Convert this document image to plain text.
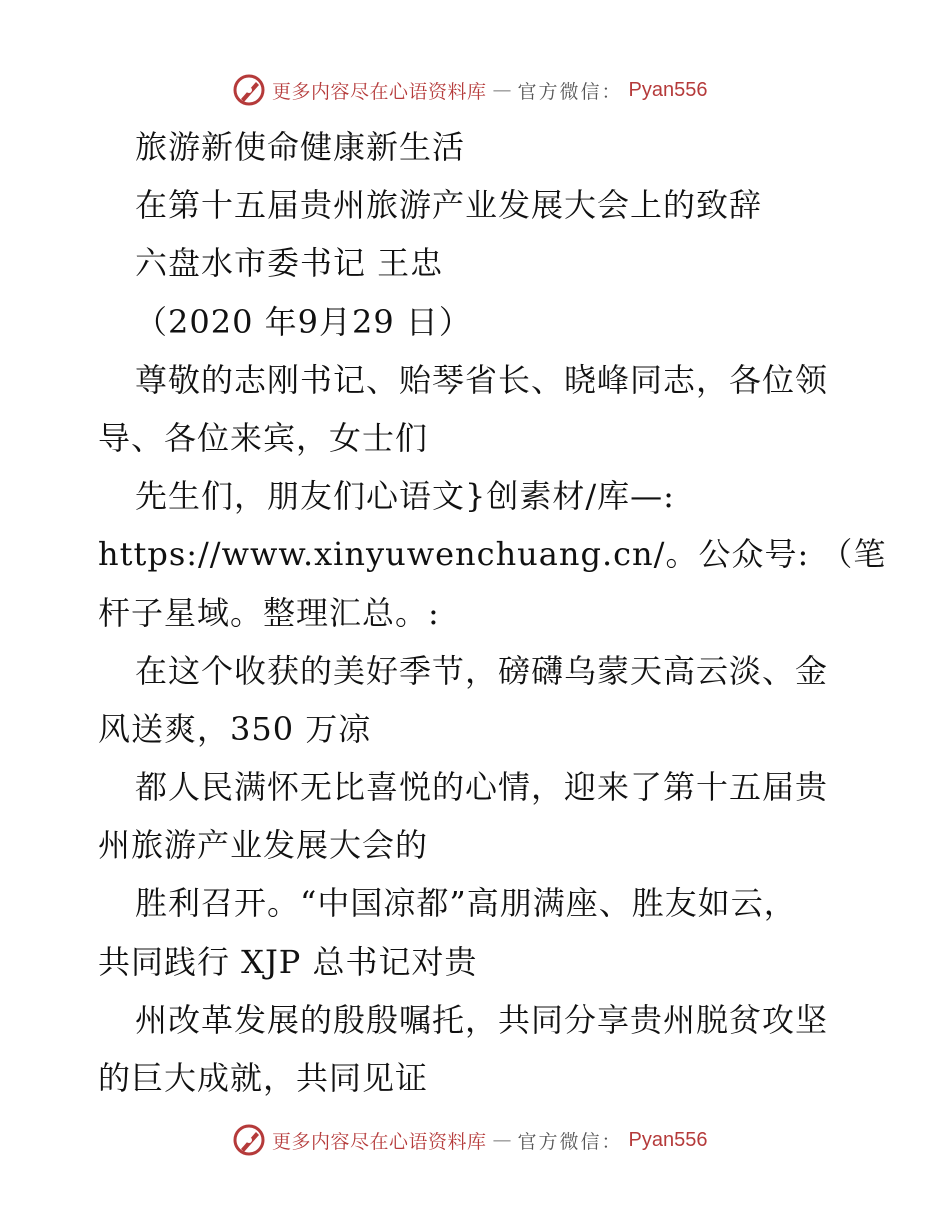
更多内容尽在心语资料库 — 官方微信： Pyan556
旅游新使命健康新生活
在第十五届贵州旅游产业发展大会上的致辞
六盘水市委书记 王忠
（2020 年9月29 日）
尊敬的志刚书记、贻琴省长、晓峰同志，各位领
导、各位来宾，女士们
先生们，朋友们心语文}创素材/库—:
https://www.xinyuwenchuang.cn/。公众号: （笔
杆子星域。整理汇总。:
在这个收获的美好季节，磅礴乌蒙天高云淡、金
风送爽，350 万凉
都人民满怀无比喜悦的心情，迎来了第十五届贵
州旅游产业发展大会的
胜利召开。“中国凉都”高朋满座、胜友如云，
共同践行 XJP 总书记对贵
州改革发展的殷殷嘱托，共同分享贵州脱贫攻坚
的巨大成就，共同见证
更多内容尽在心语资料库 — 官方微信： Pyan556
